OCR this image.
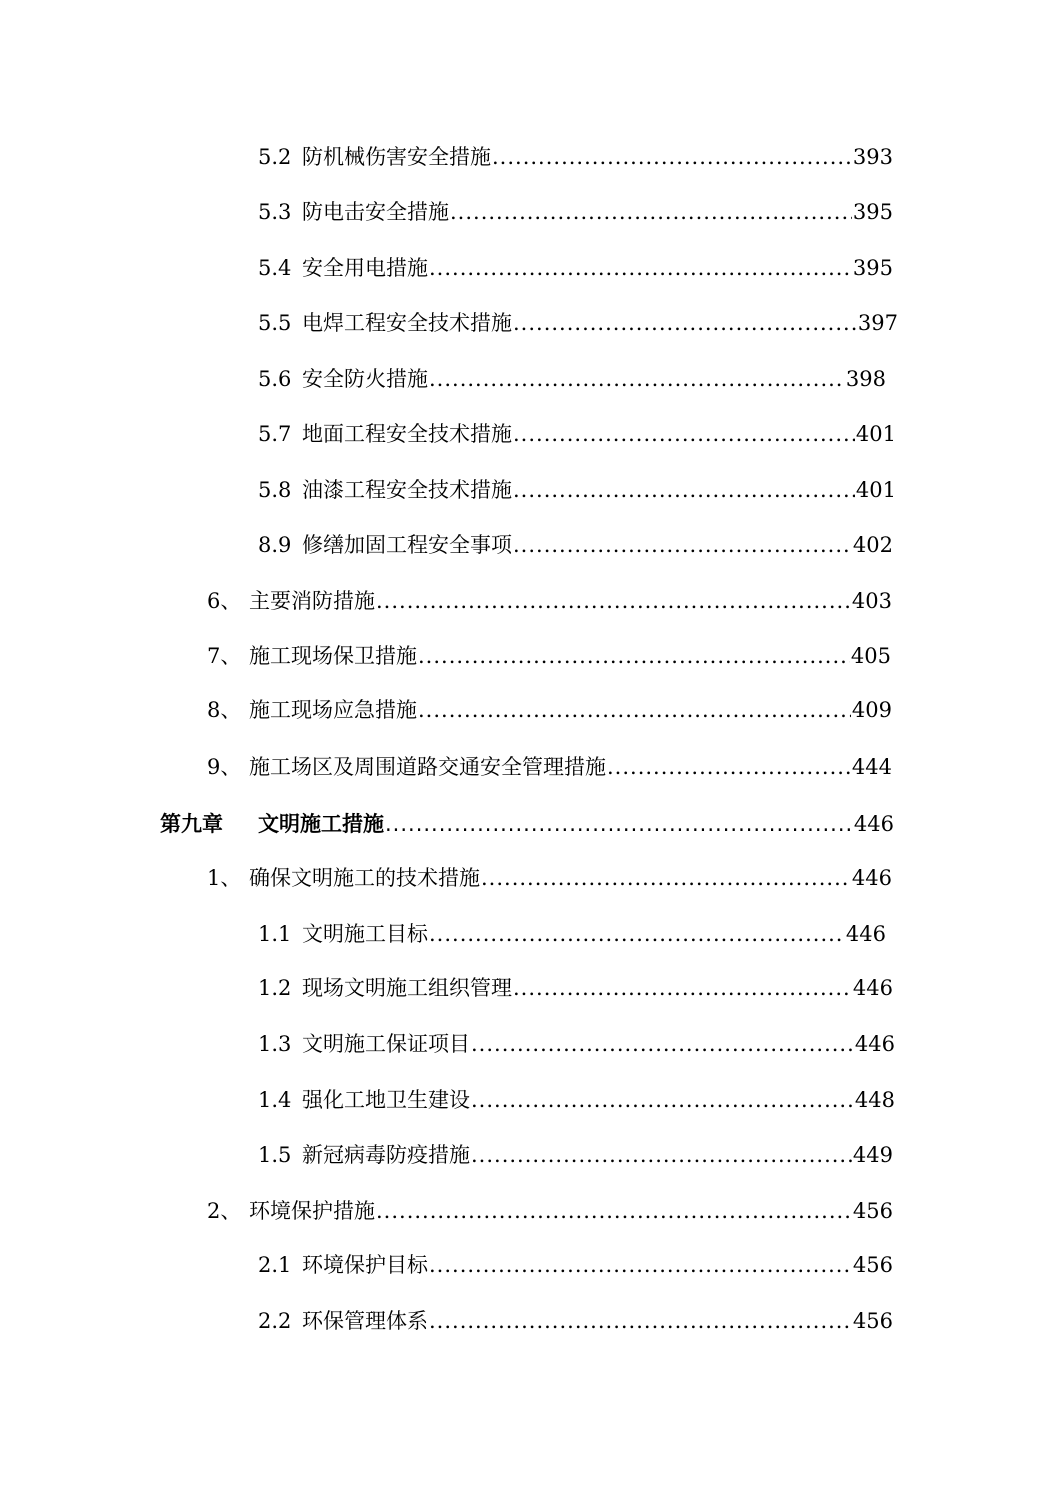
5.2 防机械伤害安全措施 .....	393
5.3 防电击安全措施 .....	395
5.4 安全用电措施 .....	395
5.5 电焊工程安全技术措施 .....	397
5.6 安全防火措施 .....	398
5.7 地面工程安全技术措施 .....	401
5.8 油漆工程安全技术措施 .....	401
8.9 修缮加固工程安全事项 .....	402
6、 主要消防措施 .....	403
7、 施工现场保卫措施 .....	405
8、 施工现场应急措施 .....	409
9、 施工场区及周围道路交通安全管理措施 .....	444
第九章	文明施工措施 .....	446
1、 确保文明施工的技术措施 .....	446
1.1 文明施工目标 .....	446
1.2 现场文明施工组织管理 .....	446
1.3 文明施工保证项目 .....	446
1.4 强化工地卫生建设 .....	448
1.5 新冠病毒防疫措施 .....	449
2、 环境保护措施 .....	456
2.1 环境保护目标 .....	456
2.2 环保管理体系 .....	456
